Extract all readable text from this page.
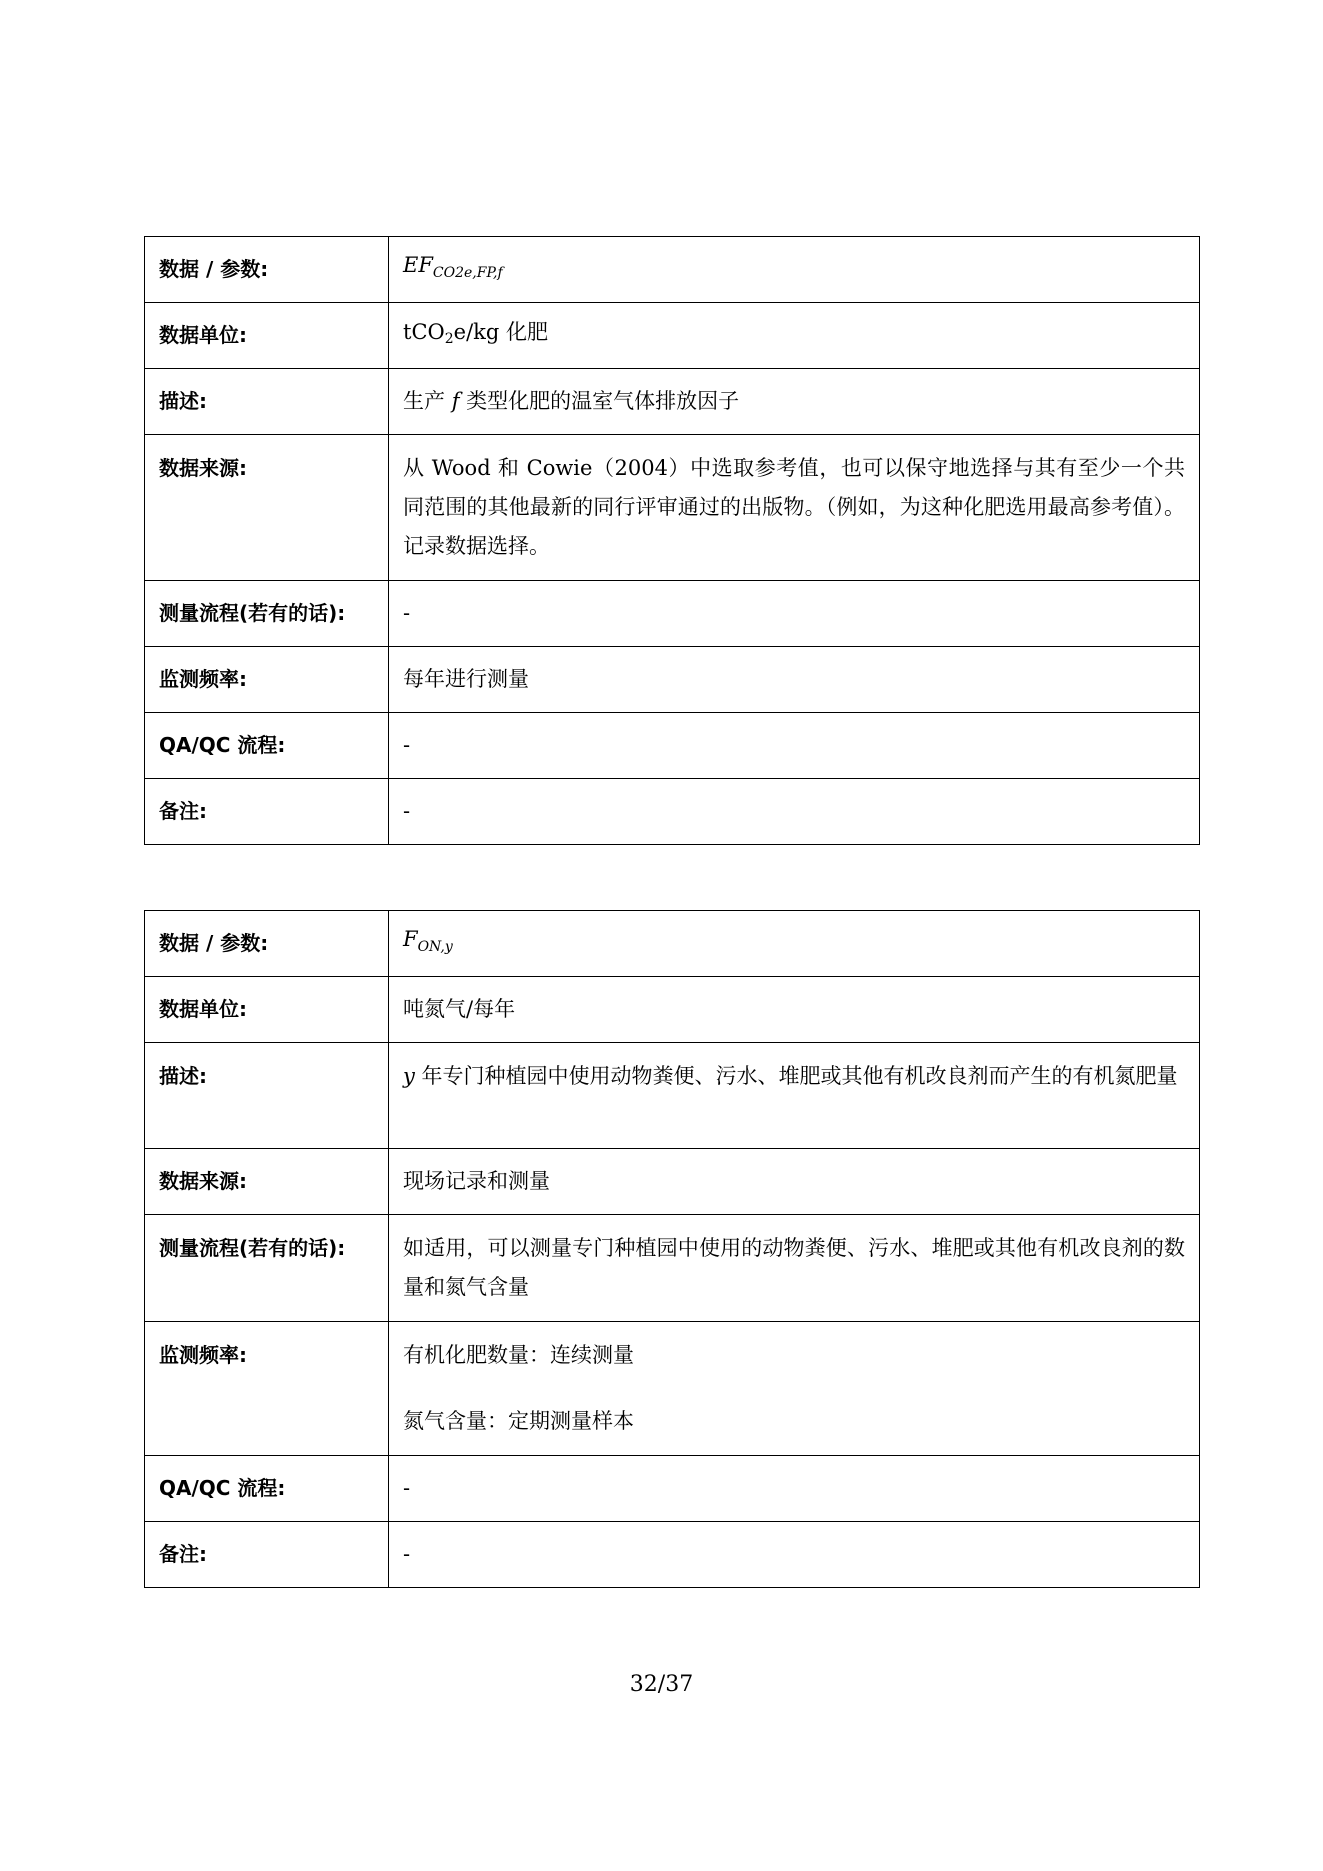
数据 / 参数:	$EF_{CO2e,FP,f}$
数据单位:	tCO$_2$e/kg 化肥
描述:	生产 f 类型化肥的温室气体排放因子
数据来源:	从 Wood 和 Cowie（2004）中选取参考值，也可以保守地选择与其有至少一个共同范围的其他最新的同行评审通过的出版物。（例如，为这种化肥选用最高参考值）。记录数据选择。
测量流程(若有的话):	-
监测频率:	每年进行测量
QA/QC 流程:	-
备注:	-
数据 / 参数:	$F_{ON,y}$
数据单位:	吨氮气/每年
描述:	y 年专门种植园中使用动物粪便、污水、堆肥或其他有机改良剂而产生的有机氮肥量
数据来源:	现场记录和测量
测量流程(若有的话):	如适用，可以测量专门种植园中使用的动物粪便、污水、堆肥或其他有机改良剂的数量和氮气含量
监测频率:	有机化肥数量：连续测量
氮气含量：定期测量样本

QA/QC 流程:	-
备注:	-
32/37
